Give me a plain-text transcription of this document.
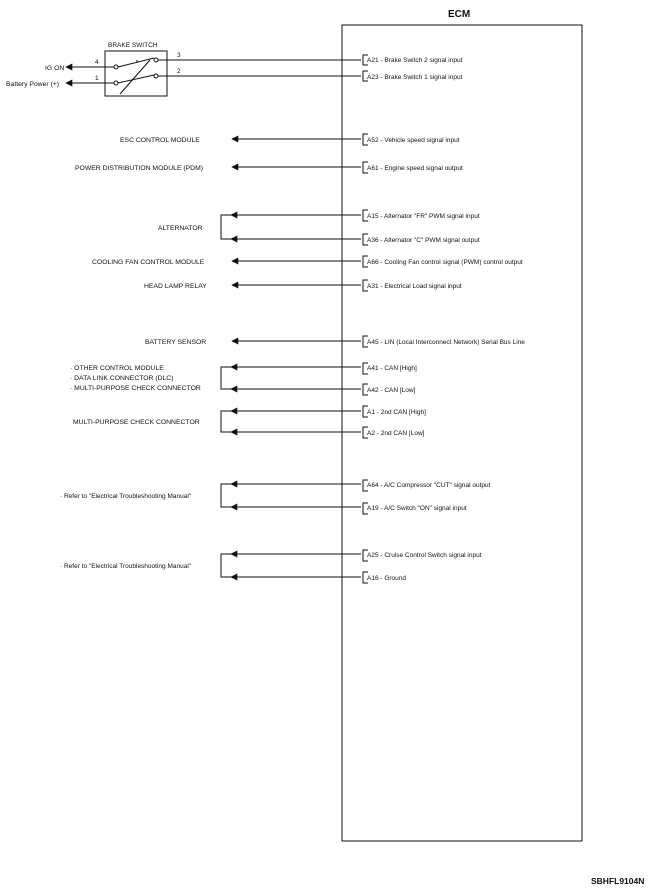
ECM
BRAKE SWITCH
4
1
3
2
IG ON
Battery Power (+)
A21 - Brake Switch 2 signal input
A23 - Brake Switch 1 signal input
A52 - Vehicle speed signal input
A61 - Engine speed signal output
A15 - Alternator "FR" PWM signal input
A36 - Alternator "C" PWM signal output
A66 - Cooling Fan control signal (PWM) control output
A31 - Electrical Load signal input
A45 - LIN (Local Interconnect Network) Serial Bus Line
A41 - CAN [High]
A42 - CAN [Low]
A1 - 2nd CAN [High]
A2 - 2nd CAN [Low]
A64 - A/C Compressor "CUT" signal output
A19 - A/C Switch "ON" signal input
A25 - Cruise Control Switch signal input
A16 - Ground
ESC CONTROL MODULE
POWER DISTRIBUTION MODULE (PDM)
ALTERNATOR
COOLING FAN CONTROL MODULE
HEAD LAMP RELAY
BATTERY SENSOR
· OTHER CONTROL MODULE
· DATA LINK CONNECTOR (DLC)
· MULTI-PURPOSE CHECK CONNECTOR
MULTI-PURPOSE CHECK CONNECTOR
· Refer to "Electrical Troubleshooting Manual"
· Refer to "Electrical Troubleshooting Manual"
SBHFL9104N
